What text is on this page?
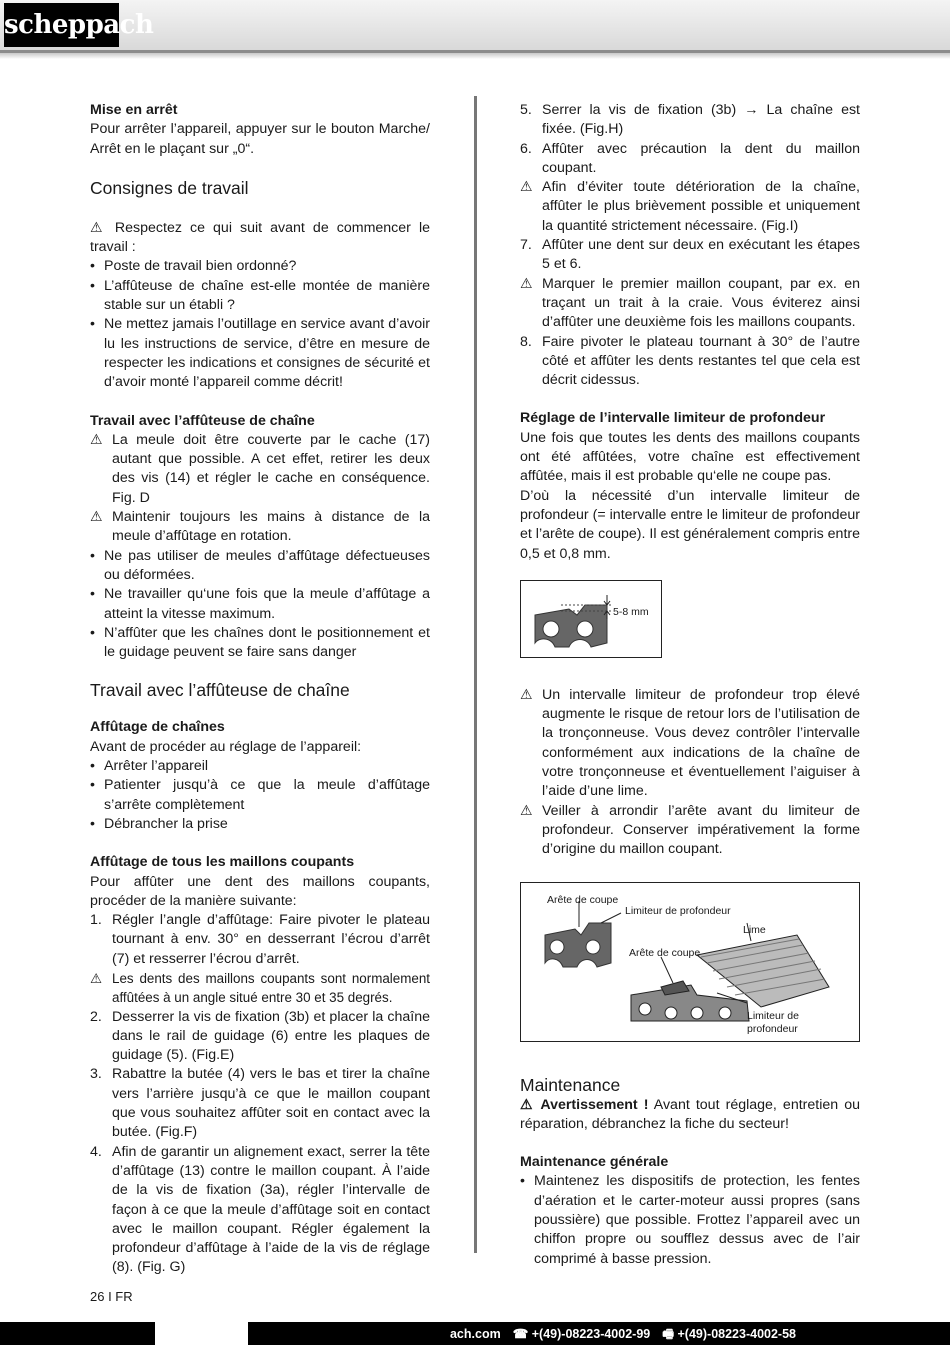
scheppach

Mise en arrêt

Pour arrêter l’appareil, appuyer sur le bouton Marche/ Arrêt en le plaçant sur „0“.

Consignes de travail

⚠ Respectez ce qui suit avant de commencer le travail :

• Poste de travail bien ordonné?
• L’affûteuse de chaîne est-elle montée de manière stable sur un établi ?
• Ne mettez jamais l’outillage en service avant d’avoir lu les instructions de service, d’être en mesure de respecter les indications et consignes de sécurité et d’avoir monté l’appareil comme décrit!

Travail avec l’affûteuse de chaîne

⚠ La meule doit être couverte par le cache (17) autant que possible. A cet effet, retirer les deux des vis (14) et régler le cache en conséquence. Fig. D
⚠ Maintenir toujours les mains à distance de la meule d’affûtage en rotation.
• Ne pas utiliser de meules d’affûtage défectueuses ou déformées.
• Ne travailler qu‘une fois que la meule d’affûtage a atteint la vitesse maximum.
• N’affûter que les chaînes dont le positionnement et le guidage peuvent se faire sans danger

Travail avec l’affûteuse de chaîne

Affûtage de chaînes

Avant de procéder au réglage de l’appareil:

• Arrêter l’appareil
• Patienter jusqu’à ce que la meule d’affûtage s’arrête complètement
• Débrancher la prise

Affûtage de tous les maillons coupants

Pour affûter une dent des maillons coupants, procéder de la manière suivante:

1. Régler l’angle d’affûtage: Faire pivoter le plateau tournant à env. 30° en desserrant l’écrou d’arrêt (7) et resserrer l’écrou d’arrêt.
⚠ Les dents des maillons coupants sont normalement affûtées à un angle situé entre 30 et 35 degrés.
2. Desserrer la vis de fixation (3b) et placer la chaîne dans le rail de guidage (6) entre les plaques de guidage (5). (Fig.E)
3. Rabattre la butée (4) vers le bas et tirer la chaîne vers l’arrière jusqu’à ce que le maillon coupant que vous souhaitez affûter soit en contact avec la butée. (Fig.F)
4. Afin de garantir un alignement exact, serrer la tête d’affûtage (13) contre le maillon coupant. À l’aide de la vis de fixation (3a), régler l’intervalle de façon à ce que la meule d’affûtage soit en contact avec le maillon coupant. Régler également la profondeur d’affûtage à l’aide de la vis de réglage (8). (Fig. G)
5. Serrer la vis de fixation (3b) → La chaîne est fixée. (Fig.H)
6. Affûter avec précaution la dent du maillon coupant.
⚠ Afin d’éviter toute détérioration de la chaîne, affûter le plus brièvement possible et uniquement la quantité strictement nécessaire. (Fig.I)
7. Affûter une dent sur deux en exécutant les étapes 5 et 6.
⚠ Marquer le premier maillon coupant, par ex. en traçant un trait à la craie. Vous éviterez ainsi d’affûter une deuxième fois les maillons coupants.
8. Faire pivoter le plateau tournant à 30° de l’autre côté et affûter les dents restantes tel que cela est décrit cidessus.

Réglage de l’intervalle limiteur de profondeur

Une fois que toutes les dents des maillons coupants ont été affûtées, votre chaîne est effectivement affûtée, mais il est probable qu‘elle ne coupe pas.

D’où la nécessité d’un intervalle limiteur de profondeur (= intervalle entre le limiteur de profondeur et l’arête de coupe). Il est généralement compris entre 0,5 et 0,8 mm.

5-8 mm
⚠ Un intervalle limiteur de profondeur trop élevé augmente le risque de retour lors de l’utilisation de la tronçonneuse. Vous devez contrôler l’intervalle conformément aux indications de la chaîne de votre tronçonneuse et éventuellement l’aiguiser à l’aide d’une lime.
⚠ Veiller à arrondir l’arête avant du limiteur de profondeur. Conserver impérativement la forme d’origine du maillon coupant.
Arête de coupe
Limiteur de profondeur
Lime
Arête de coupe
Limiteur de
profondeur

Maintenance

⚠ Avertissement ! Avant tout réglage, entretien ou réparation, débranchez la fiche du secteur!

Maintenance générale

• Maintenez les dispositifs de protection, les fentes d’aération et le carter-moteur aussi propres (sans poussière) que possible. Frottez l’appareil avec un chiffon propre ou soufflez dessus avec de l’air comprimé à basse pression.
26 I FR
ach.com ☎ +(49)-08223-4002-99 🖷 +(49)-08223-4002-58
